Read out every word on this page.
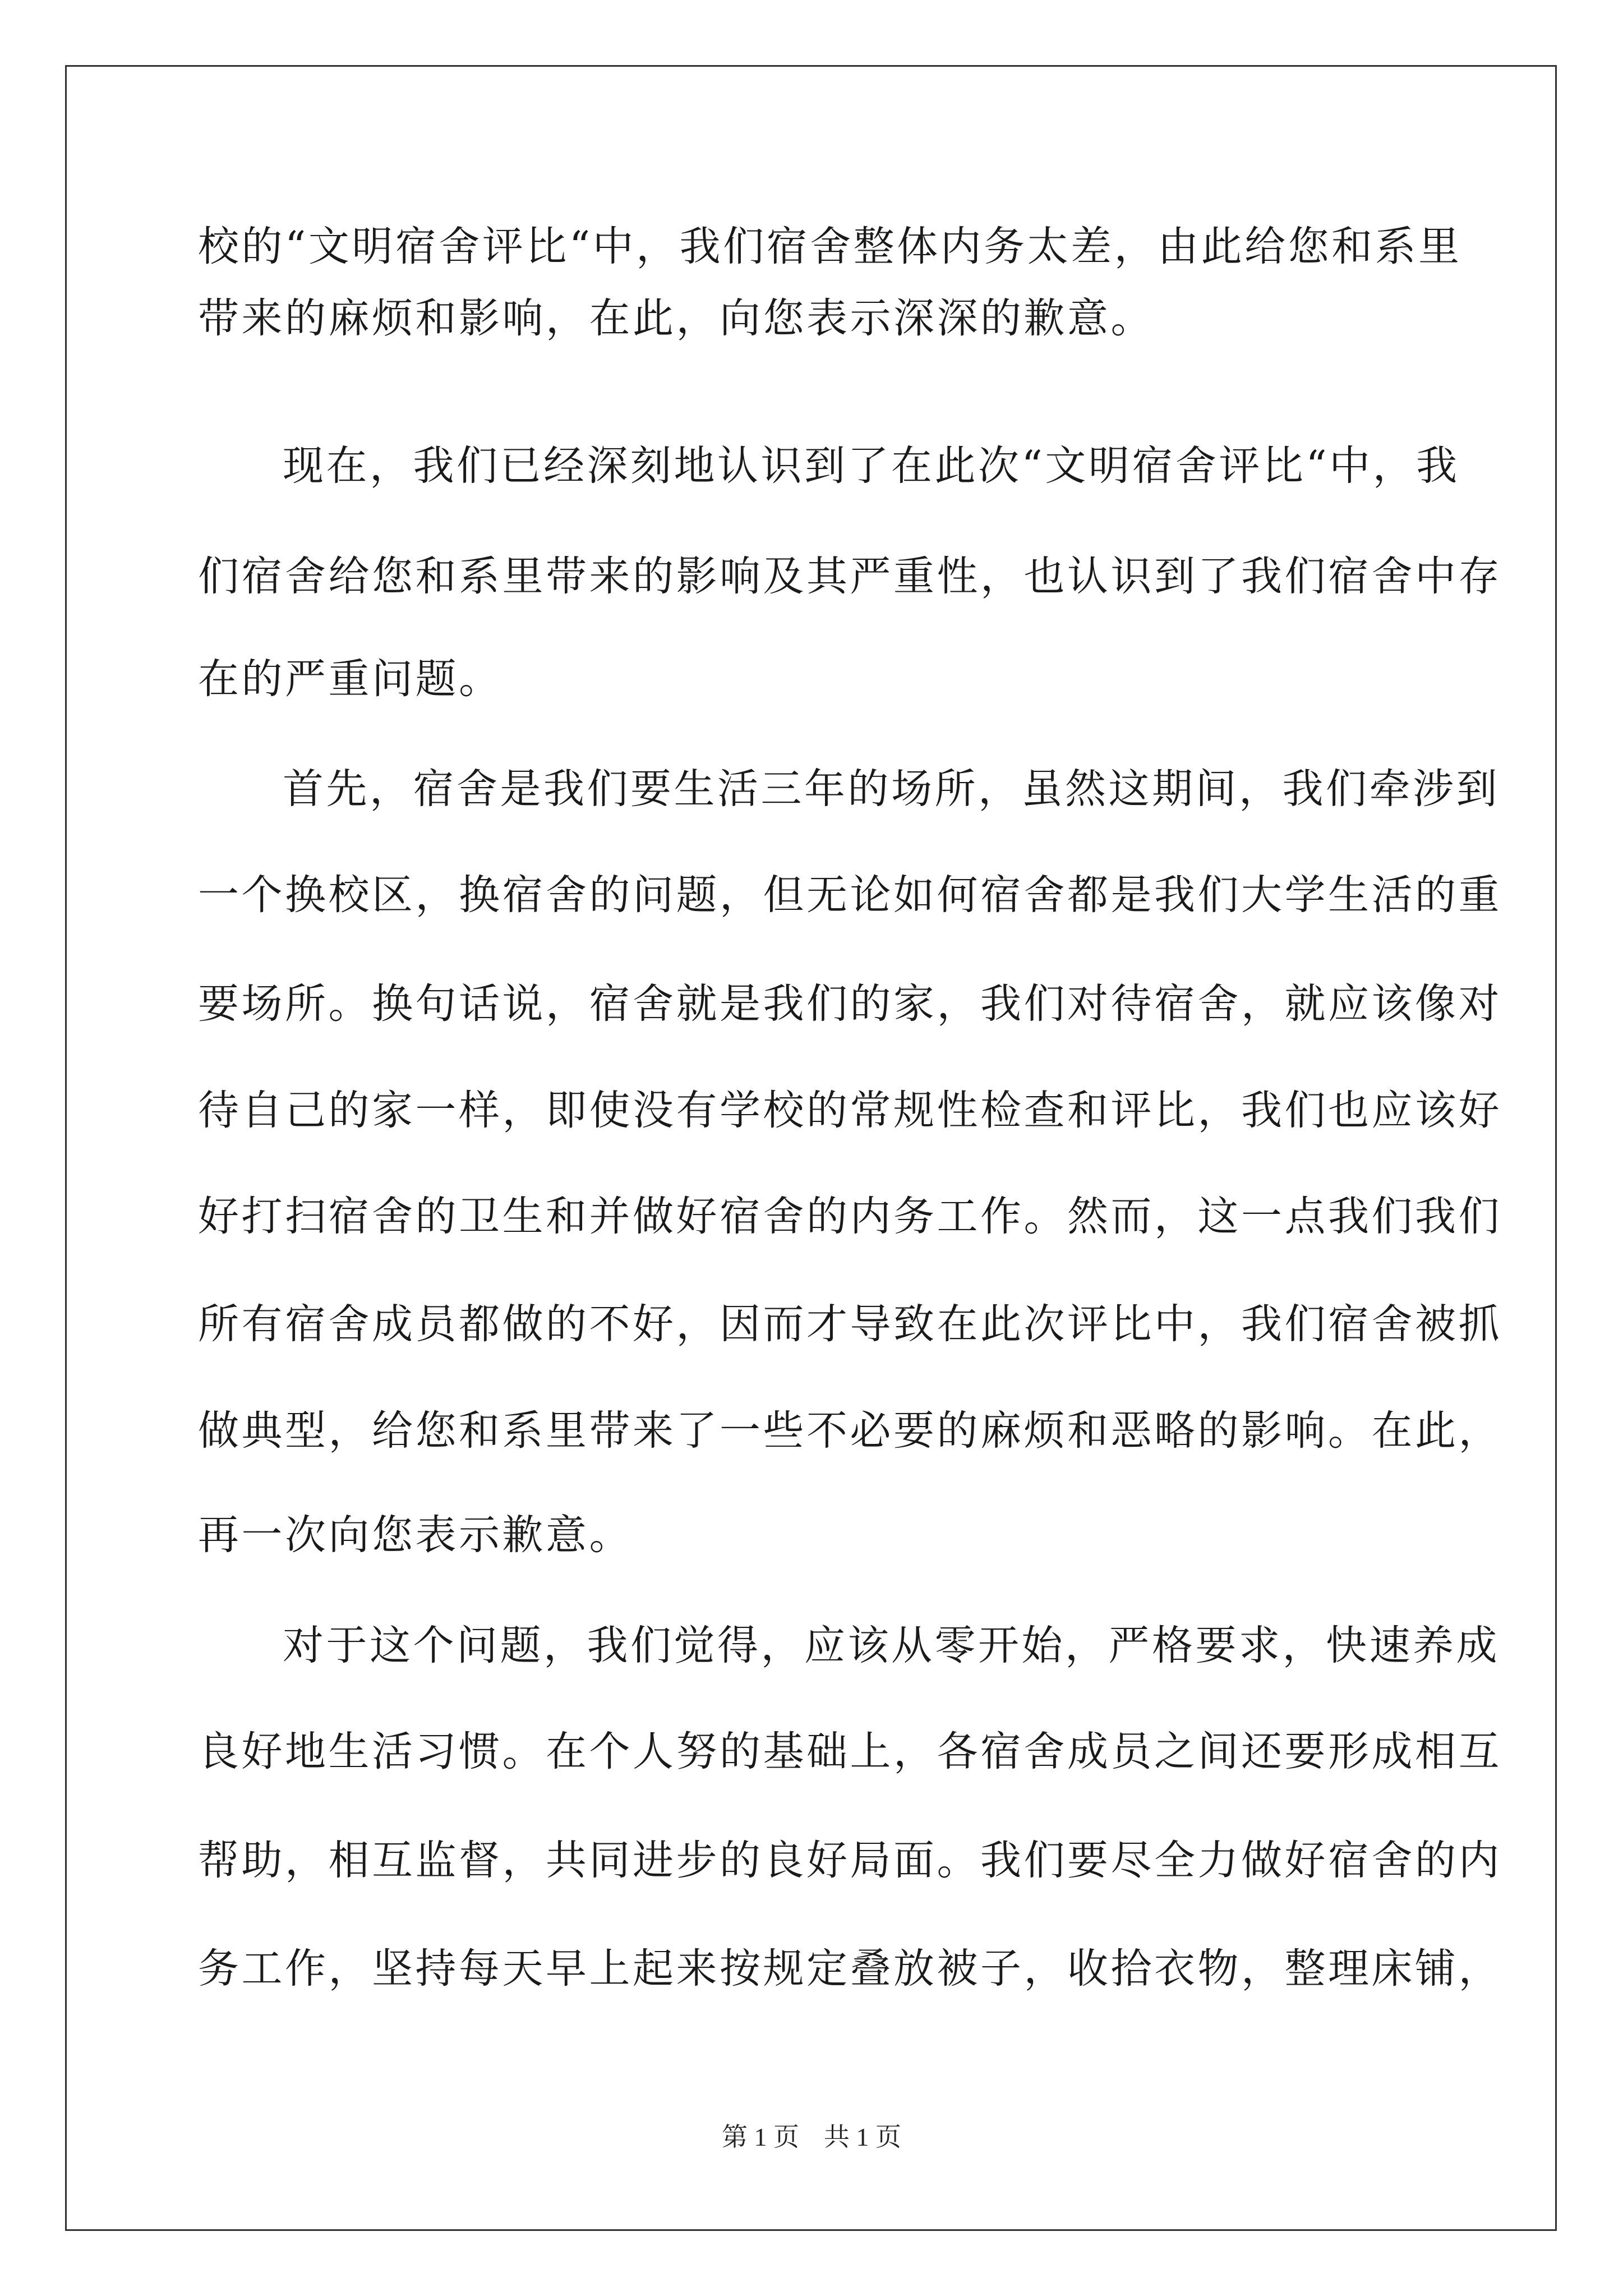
校的“文明宿舍评比“中，我们宿舍整体内务太差，由此给您和系里
带来的麻烦和影响，在此，向您表示深深的歉意。
现在，我们已经深刻地认识到了在此次“文明宿舍评比“中，我
们宿舍给您和系里带来的影响及其严重性，也认识到了我们宿舍中存
在的严重问题。
首先，宿舍是我们要生活三年的场所，虽然这期间，我们牵涉到
一个换校区，换宿舍的问题，但无论如何宿舍都是我们大学生活的重
要场所。换句话说，宿舍就是我们的家，我们对待宿舍，就应该像对
待自己的家一样，即使没有学校的常规性检查和评比，我们也应该好
好打扫宿舍的卫生和并做好宿舍的内务工作。然而，这一点我们我们
所有宿舍成员都做的不好，因而才导致在此次评比中，我们宿舍被抓
做典型，给您和系里带来了一些不必要的麻烦和恶略的影响。在此，
再一次向您表示歉意。
对于这个问题，我们觉得，应该从零开始，严格要求，快速养成
良好地生活习惯。在个人努的基础上，各宿舍成员之间还要形成相互
帮助，相互监督，共同进步的良好局面。我们要尽全力做好宿舍的内
务工作，坚持每天早上起来按规定叠放被子，收拾衣物，整理床铺，
第 1 页 共 1 页
